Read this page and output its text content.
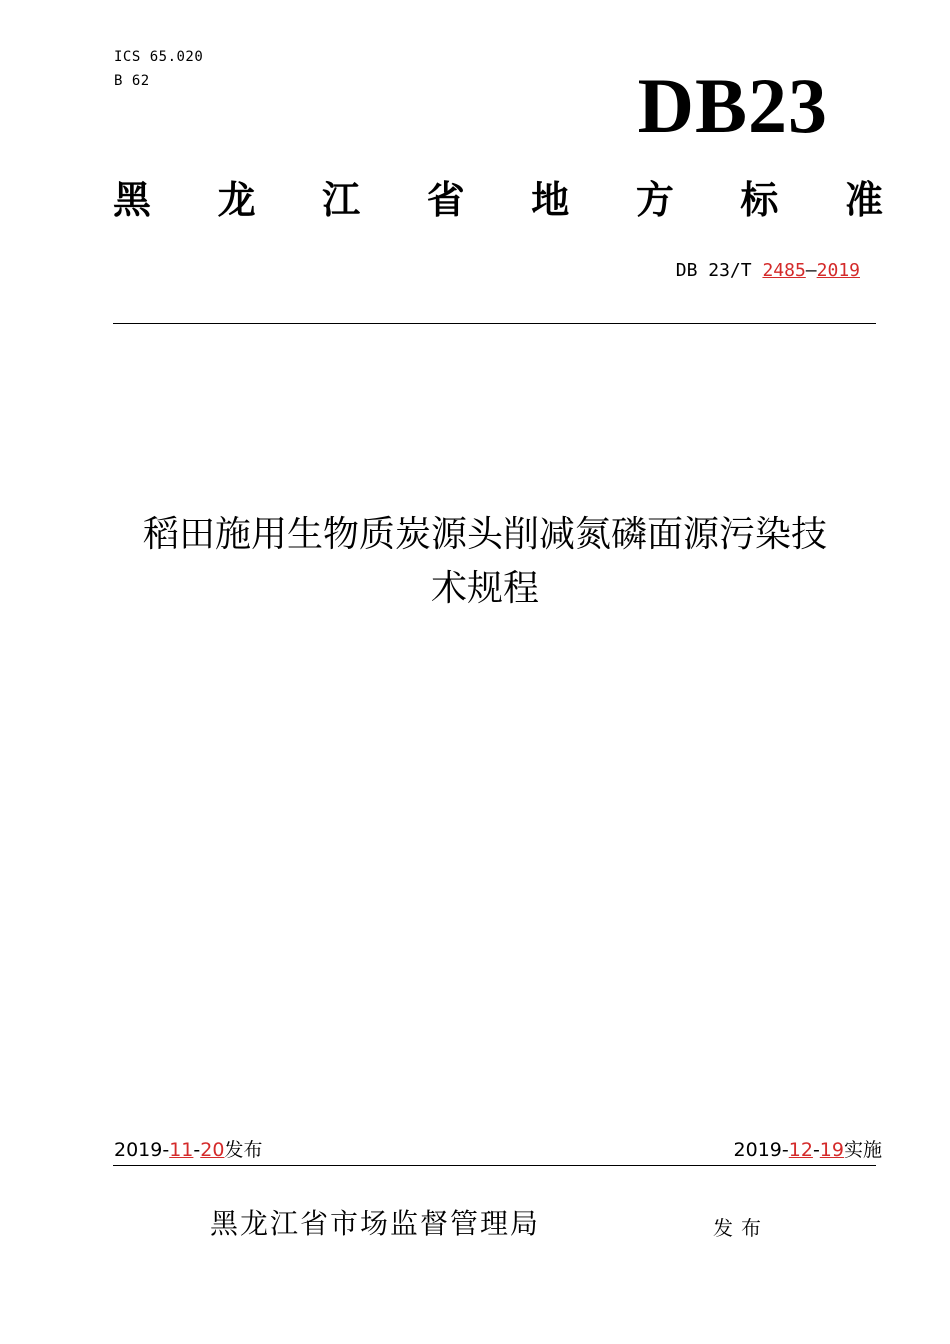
ICS 65.020
B 62	DB23
黑 龙 江 省 地 方 标 准
DB 23/T 2485—2019
稻田施用生物质炭源头削减氮磷面源污染技
术规程
2019-11-20发布	2019-12-19实施
黑龙江省市场监督管理局	发布
